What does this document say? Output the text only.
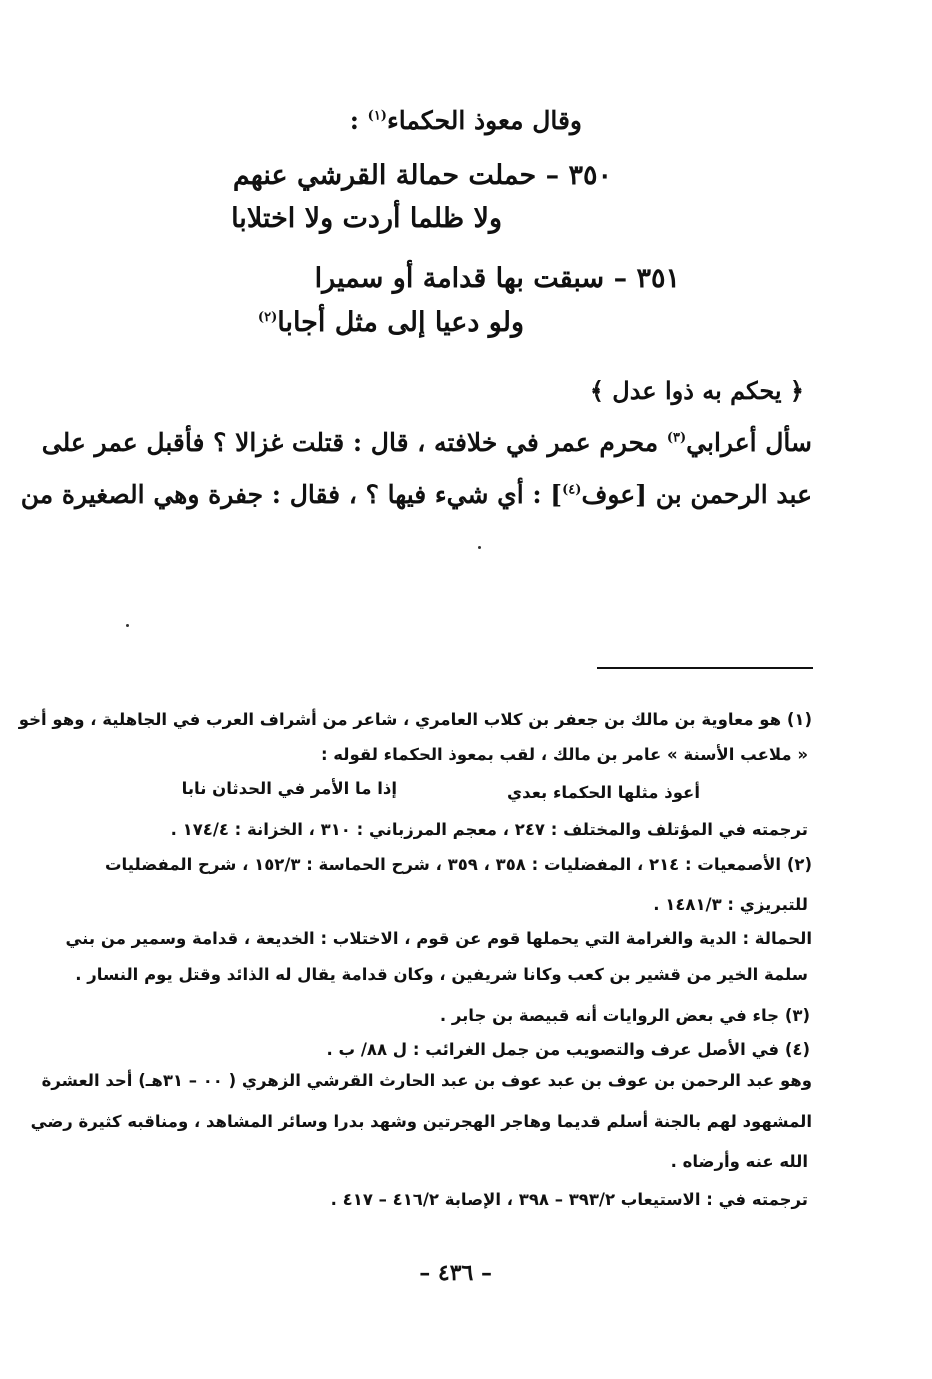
وقال معوذ الحكماء$^{(١)}$ :
٣٥٠ – حملت حمالة القرشي عنهم
ولا ظلما أردت ولا اختلابا
٣٥١ – سبقت بها قدامة أو سميرا
ولو دعيا إلى مثل أجابا$^{(٢)}$
﴿ يحكم به ذوا عدل ﴾
سأل أعرابي$^{(٣)}$ محرم عمر في خلافته ، قال : قتلت غزالا ؟ فأقبل عمر على
عبد الرحمن بن [عوف$^{(٤)}$] : أي شيء فيها ؟ ، فقال : جفرة وهي الصغيرة من
(١) هو معاوية بن مالك بن جعفر بن كلاب العامري ، شاعر من أشراف العرب في الجاهلية ، وهو أخو
« ملاعب الأسنة » عامر بن مالك ، لقب بمعوذ الحكماء لقوله :
أعوذ مثلها الحكماء بعدي
إذا ما الأمر في الحدثان نابا
ترجمته في المؤتلف والمختلف : ٢٤٧ ، معجم المرزباني : ٣١٠ ، الخزانة : ١٧٤/٤ .
(٢) الأصمعيات : ٢١٤ ، المفضليات : ٣٥٨ ، ٣٥٩ ، شرح الحماسة : ١٥٢/٣ ، شرح المفضليات
للتبريزي : ١٤٨١/٣ .
الحمالة : الدية والغرامة التي يحملها قوم عن قوم ، الاختلاب : الخديعة ، قدامة وسمير من بني
سلمة الخير من قشير بن كعب وكانا شريفين ، وكان قدامة يقال له الذائد وقتل يوم النسار .
(٣) جاء في بعض الروايات أنه قبيصة بن جابر .
(٤) في الأصل عرف والتصويب من جمل الغرائب : ل ٨٨/ ب .
وهو عبد الرحمن بن عوف بن عبد عوف بن عبد الحارث القرشي الزهري ( ٠٠ – ٣١هـ) أحد العشرة
المشهود لهم بالجنة أسلم قديما وهاجر الهجرتين وشهد بدرا وسائر المشاهد ، ومناقبه كثيرة رضي
الله عنه وأرضاه .
ترجمته في : الاستيعاب ٣٩٣/٢ – ٣٩٨ ، الإصابة ٤١٦/٢ – ٤١٧ .
– ٤٣٦ –
